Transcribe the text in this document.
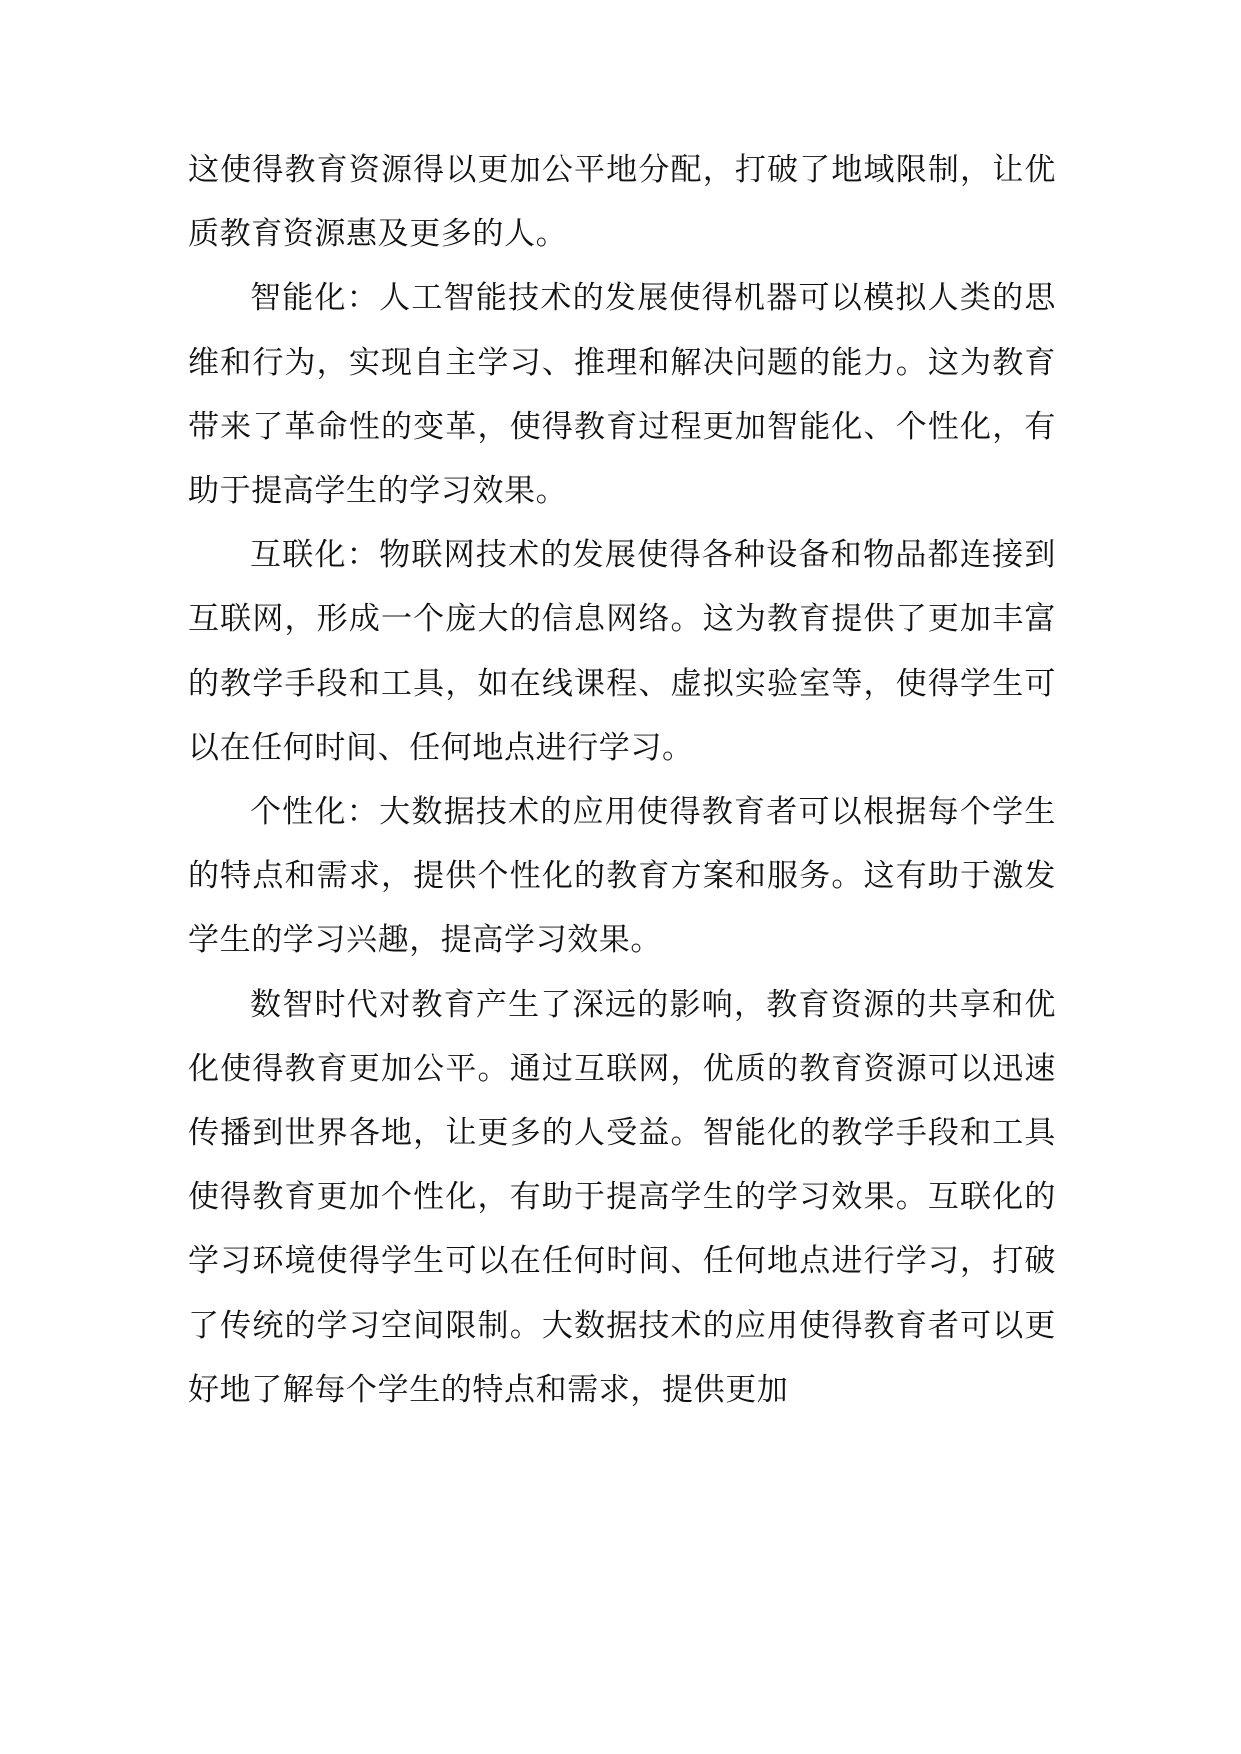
这使得教育资源得以更加公平地分配，打破了地域限制，让优质教育资源惠及更多的人。

智能化：人工智能技术的发展使得机器可以模拟人类的思维和行为，实现自主学习、推理和解决问题的能力。这为教育带来了革命性的变革，使得教育过程更加智能化、个性化，有助于提高学生的学习效果。

互联化：物联网技术的发展使得各种设备和物品都连接到互联网，形成一个庞大的信息网络。这为教育提供了更加丰富的教学手段和工具，如在线课程、虚拟实验室等，使得学生可以在任何时间、任何地点进行学习。

个性化：大数据技术的应用使得教育者可以根据每个学生的特点和需求，提供个性化的教育方案和服务。这有助于激发学生的学习兴趣，提高学习效果。

数智时代对教育产生了深远的影响，教育资源的共享和优化使得教育更加公平。通过互联网，优质的教育资源可以迅速传播到世界各地，让更多的人受益。智能化的教学手段和工具使得教育更加个性化，有助于提高学生的学习效果。互联化的学习环境使得学生可以在任何时间、任何地点进行学习，打破了传统的学习空间限制。大数据技术的应用使得教育者可以更好地了解每个学生的特点和需求，提供更加
